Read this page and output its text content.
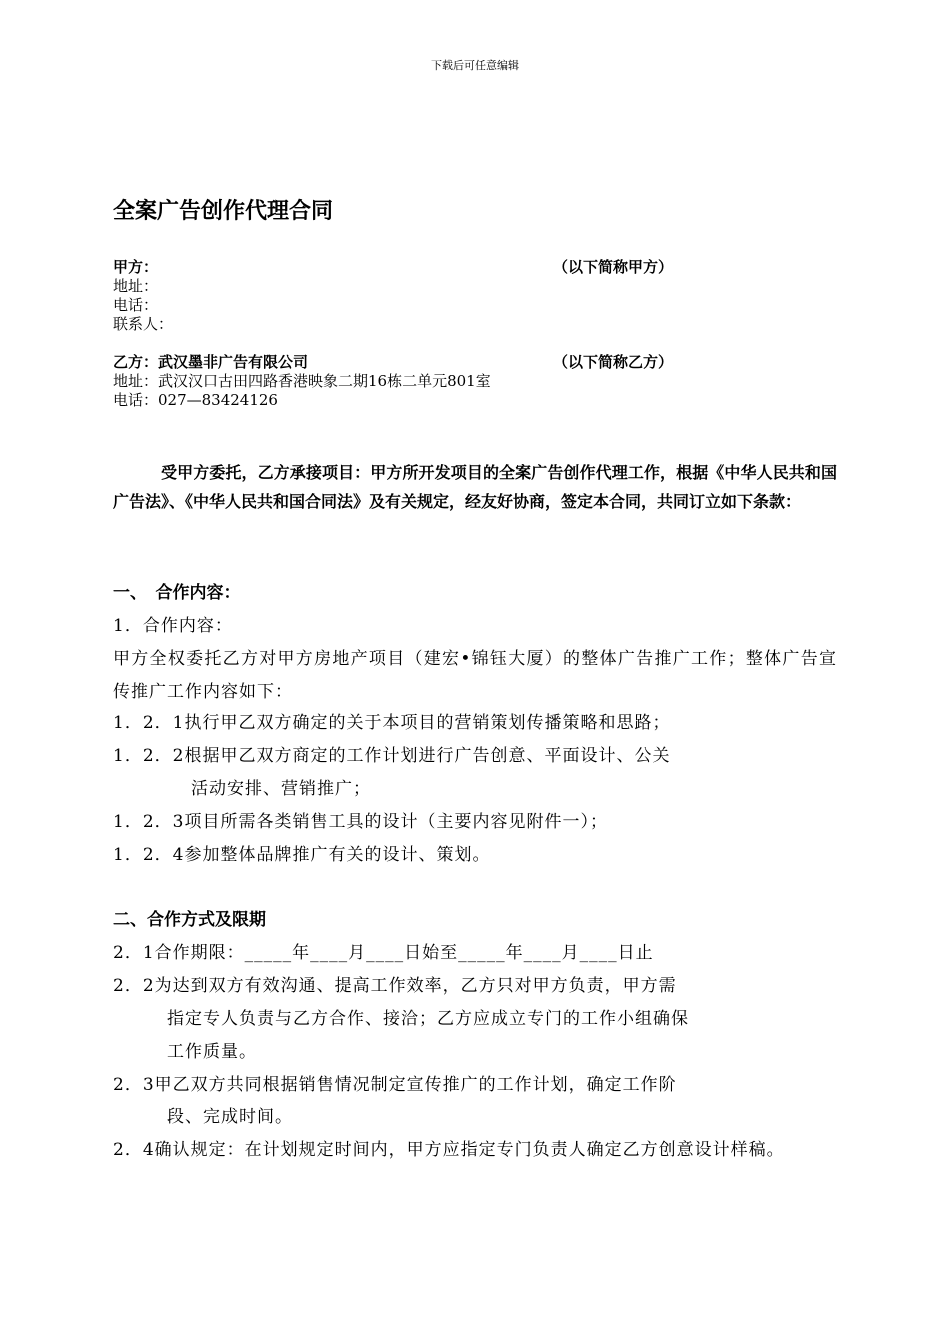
下载后可任意编辑
全案广告创作代理合同
甲方：	（以下简称甲方）
地址：
电话：
联系人：
乙方：武汉墨非广告有限公司	（以下简称乙方）
地址：武汉汉口古田四路香港映象二期16栋二单元801室
电话：027—83424126
受甲方委托，乙方承接项目：甲方所开发项目的全案广告创作代理工作，根据《中华人民共和国广告法》、《中华人民共和国合同法》及有关规定，经友好协商，签定本合同，共同订立如下条款：
一、　合作内容：
1．合作内容：
甲方全权委托乙方对甲方房地产项目（建宏•锦钰大厦）的整体广告推广工作；整体广告宣传推广工作内容如下：
1．2．1执行甲乙双方确定的关于本项目的营销策划传播策略和思路；
1．2．2根据甲乙双方商定的工作计划进行广告创意、平面设计、公关
活动安排、营销推广；
1．2．3项目所需各类销售工具的设计（主要内容见附件一）；
1．2．4参加整体品牌推广有关的设计、策划。
二、合作方式及限期
2．1合作期限：_____年____月____日始至_____年____月____日止
2．2为达到双方有效沟通、提高工作效率，乙方只对甲方负责，甲方需
指定专人负责与乙方合作、接洽；乙方应成立专门的工作小组确保
工作质量。
2．3甲乙双方共同根据销售情况制定宣传推广的工作计划，确定工作阶
段、完成时间。
2．4确认规定：在计划规定时间内，甲方应指定专门负责人确定乙方创意设计样稿。
